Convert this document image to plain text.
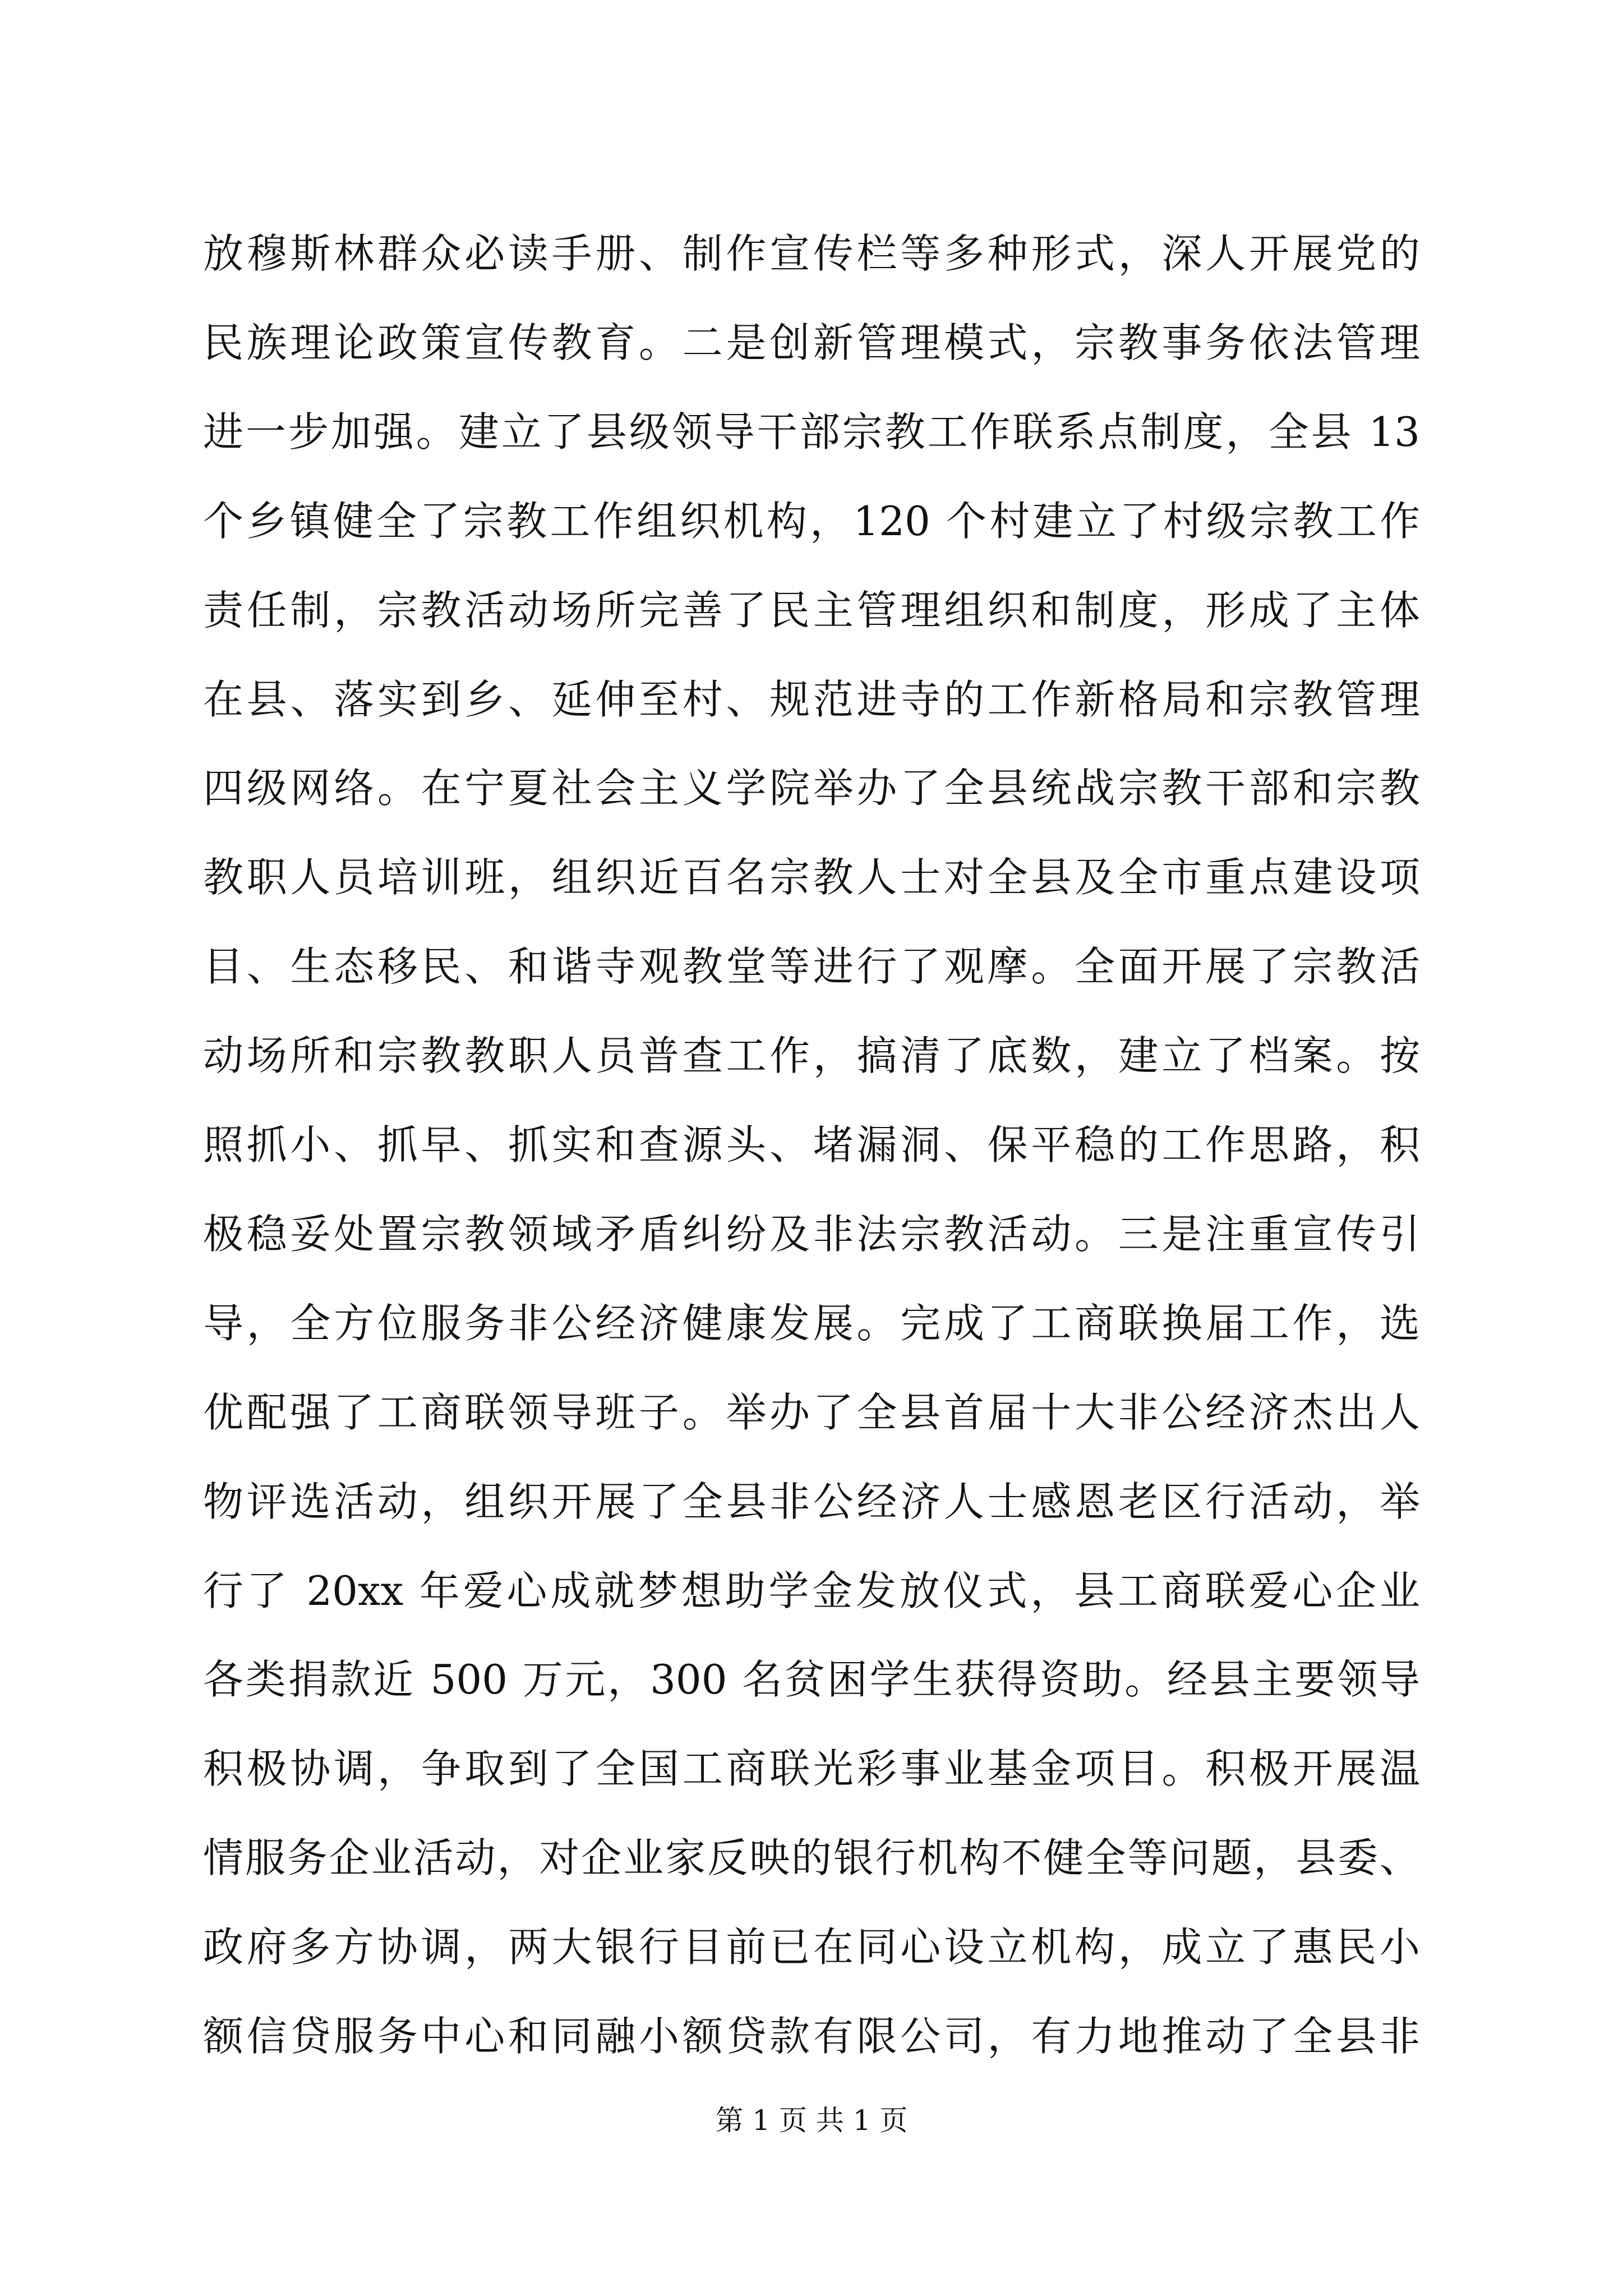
放穆斯林群众必读手册、制作宣传栏等多种形式，深人开展党的
民族理论政策宣传教育。二是创新管理模式，宗教事务依法管理
进一步加强。建立了县级领导干部宗教工作联系点制度，全县 13
个乡镇健全了宗教工作组织机构，120 个村建立了村级宗教工作
责任制，宗教活动场所完善了民主管理组织和制度，形成了主体
在县、落实到乡、延伸至村、规范进寺的工作新格局和宗教管理
四级网络。在宁夏社会主义学院举办了全县统战宗教干部和宗教
教职人员培训班，组织近百名宗教人士对全县及全市重点建设项
目、生态移民、和谐寺观教堂等进行了观摩。全面开展了宗教活
动场所和宗教教职人员普查工作，搞清了底数，建立了档案。按
照抓小、抓早、抓实和查源头、堵漏洞、保平稳的工作思路，积
极稳妥处置宗教领域矛盾纠纷及非法宗教活动。三是注重宣传引
导，全方位服务非公经济健康发展。完成了工商联换届工作，选
优配强了工商联领导班子。举办了全县首届十大非公经济杰出人
物评选活动，组织开展了全县非公经济人士感恩老区行活动，举
行了 20xx 年爱心成就梦想助学金发放仪式，县工商联爱心企业
各类捐款近 500 万元，300 名贫困学生获得资助。经县主要领导
积极协调，争取到了全国工商联光彩事业基金项目。积极开展温
情服务企业活动，对企业家反映的银行机构不健全等问题，县委、
政府多方协调，两大银行目前已在同心设立机构，成立了惠民小
额信贷服务中心和同融小额贷款有限公司，有力地推动了全县非
第 1 页 共 1 页
